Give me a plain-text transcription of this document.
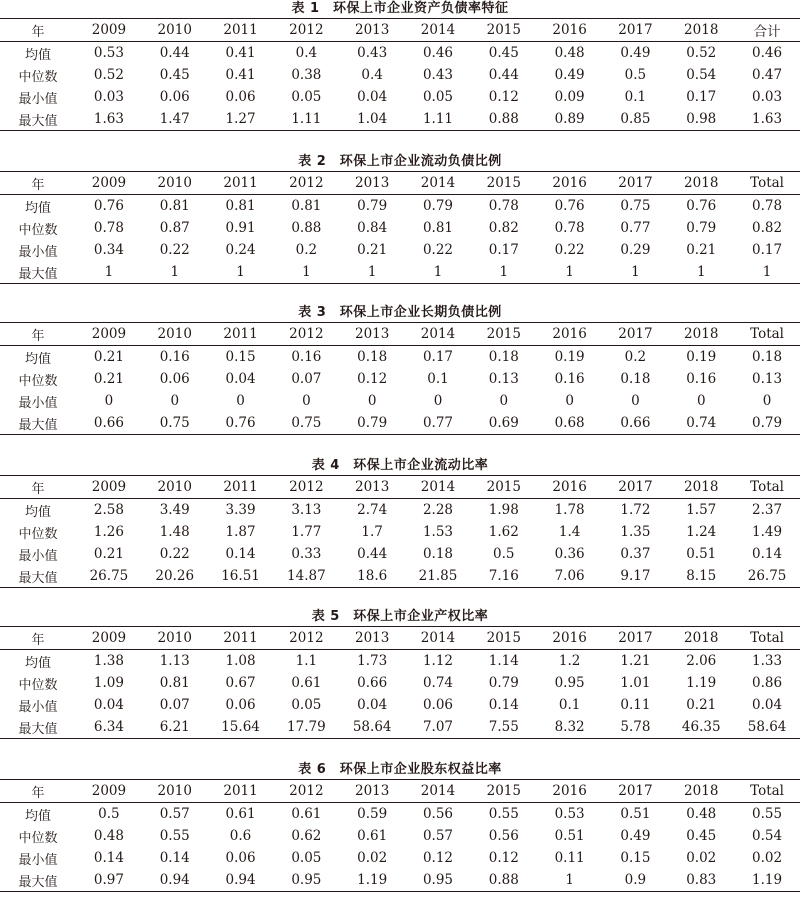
表 1　环保上市企业资产负债率特征
年	2009	2010	2011	2012	2013	2014	2015	2016	2017	2018	合计
均值	0.53	0.44	0.41	0.4	0.43	0.46	0.45	0.48	0.49	0.52	0.46
中位数	0.52	0.45	0.41	0.38	0.4	0.43	0.44	0.49	0.5	0.54	0.47
最小值	0.03	0.06	0.06	0.05	0.04	0.05	0.12	0.09	0.1	0.17	0.03
最大值	1.63	1.47	1.27	1.11	1.04	1.11	0.88	0.89	0.85	0.98	1.63
表 2　环保上市企业流动负债比例
年	2009	2010	2011	2012	2013	2014	2015	2016	2017	2018	Total
均值	0.76	0.81	0.81	0.81	0.79	0.79	0.78	0.76	0.75	0.76	0.78
中位数	0.78	0.87	0.91	0.88	0.84	0.81	0.82	0.78	0.77	0.79	0.82
最小值	0.34	0.22	0.24	0.2	0.21	0.22	0.17	0.22	0.29	0.21	0.17
最大值	1	1	1	1	1	1	1	1	1	1	1
表 3　环保上市企业长期负债比例
年	2009	2010	2011	2012	2013	2014	2015	2016	2017	2018	Total
均值	0.21	0.16	0.15	0.16	0.18	0.17	0.18	0.19	0.2	0.19	0.18
中位数	0.21	0.06	0.04	0.07	0.12	0.1	0.13	0.16	0.18	0.16	0.13
最小值	0	0	0	0	0	0	0	0	0	0	0
最大值	0.66	0.75	0.76	0.75	0.79	0.77	0.69	0.68	0.66	0.74	0.79
表 4　环保上市企业流动比率
年	2009	2010	2011	2012	2013	2014	2015	2016	2017	2018	Total
均值	2.58	3.49	3.39	3.13	2.74	2.28	1.98	1.78	1.72	1.57	2.37
中位数	1.26	1.48	1.87	1.77	1.7	1.53	1.62	1.4	1.35	1.24	1.49
最小值	0.21	0.22	0.14	0.33	0.44	0.18	0.5	0.36	0.37	0.51	0.14
最大值	26.75	20.26	16.51	14.87	18.6	21.85	7.16	7.06	9.17	8.15	26.75
表 5　环保上市企业产权比率
年	2009	2010	2011	2012	2013	2014	2015	2016	2017	2018	Total
均值	1.38	1.13	1.08	1.1	1.73	1.12	1.14	1.2	1.21	2.06	1.33
中位数	1.09	0.81	0.67	0.61	0.66	0.74	0.79	0.95	1.01	1.19	0.86
最小值	0.04	0.07	0.06	0.05	0.04	0.06	0.14	0.1	0.11	0.21	0.04
最大值	6.34	6.21	15.64	17.79	58.64	7.07	7.55	8.32	5.78	46.35	58.64
表 6　环保上市企业股东权益比率
年	2009	2010	2011	2012	2013	2014	2015	2016	2017	2018	Total
均值	0.5	0.57	0.61	0.61	0.59	0.56	0.55	0.53	0.51	0.48	0.55
中位数	0.48	0.55	0.6	0.62	0.61	0.57	0.56	0.51	0.49	0.45	0.54
最小值	0.14	0.14	0.06	0.05	0.02	0.12	0.12	0.11	0.15	0.02	0.02
最大值	0.97	0.94	0.94	0.95	1.19	0.95	0.88	1	0.9	0.83	1.19
